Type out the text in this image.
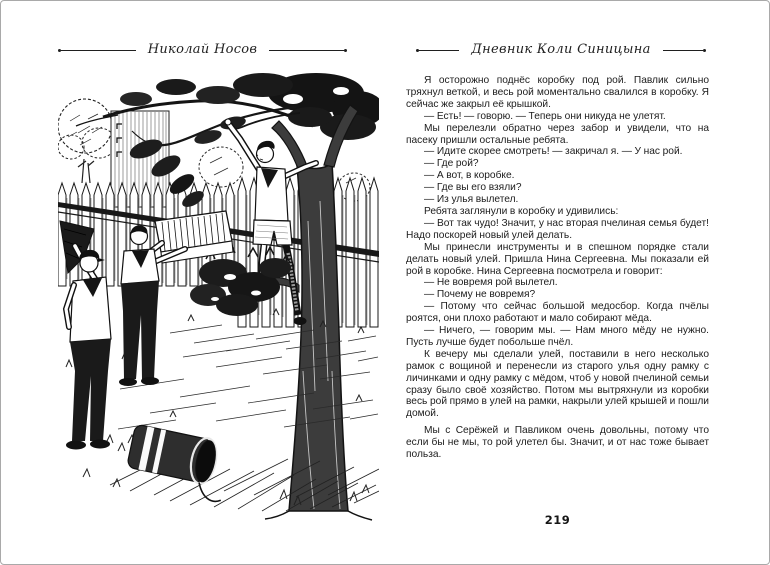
Николай Носов	Дневник Коли Синицына

Я осторожно поднёс коробку под рой. Павлик сильно тряхнул веткой, и весь рой моментально свалился в коробку. Я сейчас же закрыл её крышкой.

— Есть! — говорю. — Теперь они никуда не улетят.

Мы перелезли обратно через забор и увидели, что на пасеку пришли остальные ребята.

— Идите скорее смотреть! — закричал я. — У нас рой.

— Где рой?

— А вот, в коробке.

— Где вы его взяли?

— Из улья вылетел.

Ребята заглянули в коробку и удивились:

— Вот так чудо! Значит, у нас вторая пчелиная семья будет! Надо поскорей новый улей делать.

Мы принесли инструменты и в спешном порядке стали делать новый улей. Пришла Нина Сергеевна. Мы показали ей рой в коробке. Нина Сергеевна посмотрела и говорит:

— Не вовремя рой вылетел.

— Почему не вовремя?

— Потому что сейчас большой медосбор. Когда пчёлы роятся, они плохо работают и мало собирают мёда.

— Ничего, — говорим мы. — Нам много мёду не нужно. Пусть лучше будет побольше пчёл.

К вечеру мы сделали улей, поставили в него несколько рамок с вощиной и перенесли из старого улья одну рамку с личинками и одну рамку с мёдом, чтоб у новой пчелиной семьи сразу было своё хозяйство. Потом мы вытряхнули из коробки весь рой прямо в улей на рамки, накрыли улей крышей и пошли домой.

Мы с Серёжей и Павликом очень довольны, потому что если бы не мы, то рой улетел бы. Значит, и от нас тоже бывает польза.

219
